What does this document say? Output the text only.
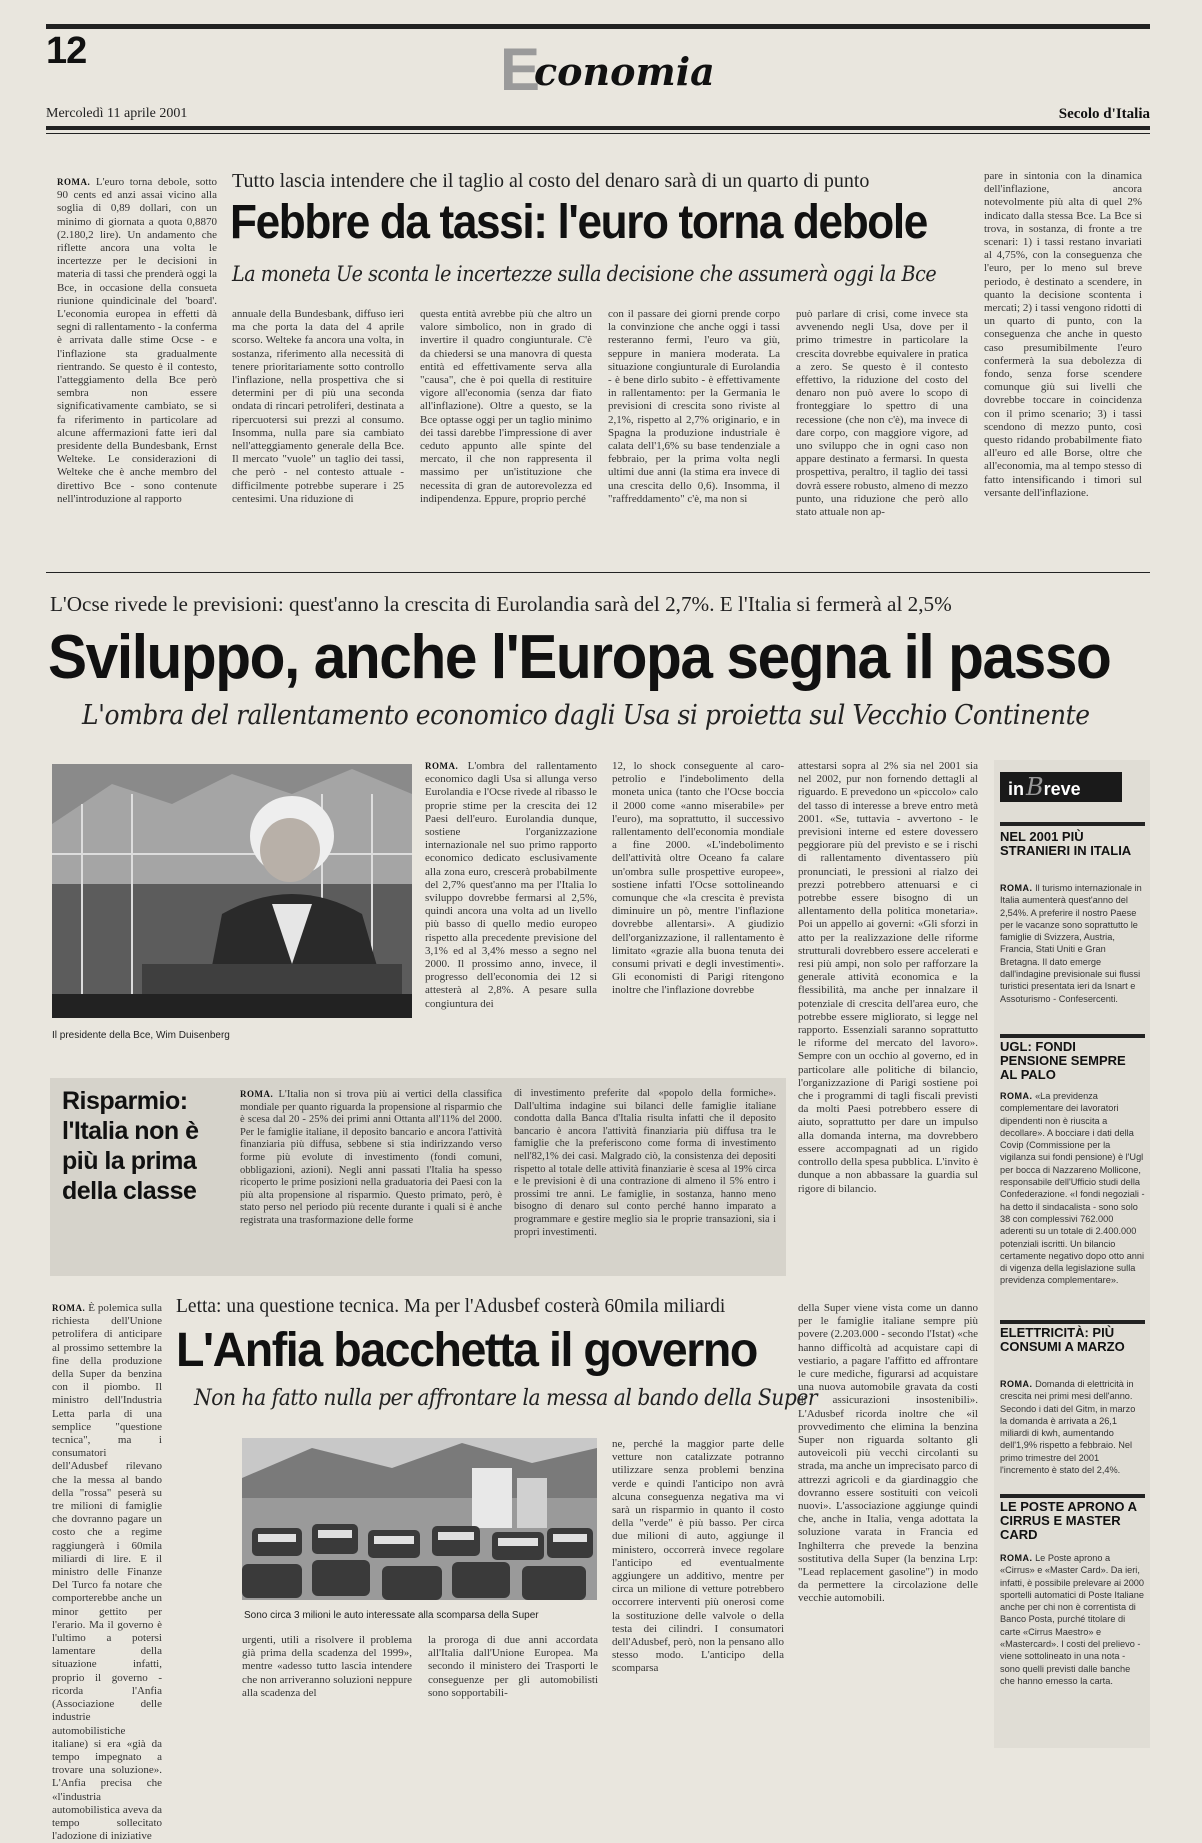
12	Economia
Mercoledì 11 aprile 2001	Secolo d'Italia

ROMA. L'euro torna debole, sotto 90 cents ed anzi assai vicino alla soglia di 0,89 dollari, con un minimo di giornata a quota 0,8870 (2.180,2 lire). Un andamento che riflette ancora una volta le incertezze per le decisioni in materia di tassi che prenderà oggi la Bce, in occasione della consueta riunione quindicinale del 'board'. L'economia europea in effetti dà segni di rallentamento - la conferma è arrivata dalle stime Ocse - e l'inflazione sta gradualmente rientrando. Se questo è il contesto, l'atteggiamento della Bce però sembra non essere significativamente cambiato, se si fa riferimento in particolare ad alcune affermazioni fatte ieri dal presidente della Bundesbank, Ernst Welteke. Le considerazioni di Welteke che è anche membro del direttivo Bce - sono contenute nell'introduzione al rapporto

Tutto lascia intendere che il taglio al costo del denaro sarà di un quarto di punto
Febbre da tassi: l'euro torna debole
La moneta Ue sconta le incertezze sulla decisione che assumerà oggi la Bce
annuale della Bundesbank, diffuso ieri ma che porta la data del 4 aprile scorso. Welteke fa ancora una volta, in sostanza, riferimento alla necessità di tenere prioritariamente sotto controllo l'inflazione, nella prospettiva che si determini per di più una seconda ondata di rincari petroliferi, destinata a ripercuotersi sui prezzi al consumo. Insomma, nulla pare sia cambiato nell'atteggiamento generale della Bce. Il mercato "vuole" un taglio dei tassi, che però - nel contesto attuale - difficilmente potrebbe superare i 25 centesimi. Una riduzione di
questa entità avrebbe più che altro un valore simbolico, non in grado di invertire il quadro congiunturale. C'è da chiedersi se una manovra di questa entità ed effettivamente serva alla "causa", che è poi quella di restituire vigore all'economia (senza dar fiato all'inflazione). Oltre a questo, se la Bce optasse oggi per un taglio minimo dei tassi darebbe l'impressione di aver ceduto appunto alle spinte del mercato, il che non rappresenta il massimo per un'istituzione che necessita di gran de autorevolezza ed indipendenza. Eppure, proprio perché
con il passare dei giorni prende corpo la convinzione che anche oggi i tassi resteranno fermi, l'euro va giù, seppure in maniera moderata. La situazione congiunturale di Eurolandia - è bene dirlo subito - è effettivamente in rallentamento: per la Germania le previsioni di crescita sono riviste al 2,1%, rispetto al 2,7% originario, e in Spagna la produzione industriale è calata dell'1,6% su base tendenziale a febbraio, per la prima volta negli ultimi due anni (la stima era invece di una crescita dello 0,6). Insomma, il "raffreddamento" c'è, ma non si
può parlare di crisi, come invece sta avvenendo negli Usa, dove per il primo trimestre in particolare la crescita dovrebbe equivalere in pratica a zero. Se questo è il contesto effettivo, la riduzione del costo del denaro non può avere lo scopo di fronteggiare lo spettro di una recessione (che non c'è), ma invece di dare corpo, con maggiore vigore, ad uno sviluppo che in ogni caso non appare destinato a fermarsi. In questa prospettiva, peraltro, il taglio dei tassi dovrà essere robusto, almeno di mezzo punto, una riduzione che però allo stato attuale non ap-
pare in sintonia con la dinamica dell'inflazione, ancora notevolmente più alta di quel 2% indicato dalla stessa Bce. La Bce si trova, in sostanza, di fronte a tre scenari: 1) i tassi restano invariati al 4,75%, con la conseguenza che l'euro, per lo meno sul breve periodo, è destinato a scendere, in quanto la decisione scontenta i mercati; 2) i tassi vengono ridotti di un quarto di punto, con la conseguenza che anche in questo caso presumibilmente l'euro confermerà la sua debolezza di fondo, senza forse scendere comunque giù sui livelli che dovrebbe toccare in coincidenza con il primo scenario; 3) i tassi scendono di mezzo punto, così questo ridando probabilmente fiato all'euro ed alle Borse, oltre che all'economia, ma al tempo stesso di fatto intensificando i timori sul versante dell'inflazione.
L'Ocse rivede le previsioni: quest'anno la crescita di Eurolandia sarà del 2,7%. E l'Italia si fermerà al 2,5%
Sviluppo, anche l'Europa segna il passo
L'ombra del rallentamento economico dagli Usa si proietta sul Vecchio Continente
Il presidente della Bce, Wim Duisenberg

ROMA. L'ombra del rallentamento economico dagli Usa si allunga verso Eurolandia e l'Ocse rivede al ribasso le proprie stime per la crescita dei 12 Paesi dell'euro. Eurolandia dunque, sostiene l'organizzazione internazionale nel suo primo rapporto economico dedicato esclusivamente alla zona euro, crescerà probabilmente del 2,7% quest'anno ma per l'Italia lo sviluppo dovrebbe fermarsi al 2,5%, quindi ancora una volta ad un livello più basso di quello medio europeo rispetto alla precedente previsione del 3,1% ed al 3,4% messo a segno nel 2000. Il prossimo anno, invece, il progresso dell'economia dei 12 si attesterà al 2,8%. A pesare sulla congiuntura dei

12, lo shock conseguente al caro-petrolio e l'indebolimento della moneta unica (tanto che l'Ocse boccia il 2000 come «anno miserabile» per l'euro), ma soprattutto, il successivo rallentamento dell'economia mondiale a fine 2000. «L'indebolimento dell'attività oltre Oceano fa calare un'ombra sulle prospettive europee», sostiene infatti l'Ocse sottolineando comunque che «la crescita è prevista diminuire un pò, mentre l'inflazione dovrebbe allentarsi». A giudizio dell'organizzazione, il rallentamento è limitato «grazie alla buona tenuta dei consumi privati e degli investimenti». Gli economisti di Parigi ritengono inoltre che l'inflazione dovrebbe
attestarsi sopra al 2% sia nel 2001 sia nel 2002, pur non fornendo dettagli al riguardo. E prevedono un «piccolo» calo del tasso di interesse a breve entro metà 2001. «Se, tuttavia - avvertono - le previsioni interne ed estere dovessero peggiorare più del previsto e se i rischi di rallentamento diventassero più pronunciati, le pressioni al rialzo dei prezzi potrebbero attenuarsi e ci potrebbe essere bisogno di un allentamento della politica monetaria». Poi un appello ai governi: «Gli sforzi in atto per la realizzazione delle riforme strutturali dovrebbero essere accelerati e resi più ampi, non solo per rafforzare la generale attività economica e la flessibilità, ma anche per innalzare il potenziale di crescita dell'area euro, che potrebbe essere migliorato, si legge nel rapporto. Essenziali saranno soprattutto le riforme del mercato del lavoro». Sempre con un occhio al governo, ed in particolare alle politiche di bilancio, l'organizzazione di Parigi sostiene poi che i programmi di tagli fiscali previsti da molti Paesi potrebbero essere di aiuto, soprattutto per dare un impulso alla domanda interna, ma dovrebbero essere accompagnati ad un rigido controllo della spesa pubblica. L'invito è dunque a non abbassare la guardia sul rigore di bilancio.
Risparmio: l'Italia non è più la prima della classe

ROMA. L'Italia non si trova più ai vertici della classifica mondiale per quanto riguarda la propensione al risparmio che è scesa dal 20 - 25% dei primi anni Ottanta all'11% del 2000. Per le famiglie italiane, il deposito bancario e ancora l'attività finanziaria più diffusa, sebbene si stia indirizzando verso forme più evolute di investimento (fondi comuni, obbligazioni, azioni). Negli anni passati l'Italia ha spesso ricoperto le prime posizioni nella graduatoria dei Paesi con la più alta propensione al risparmio. Questo primato, però, è stato perso nel periodo più recente durante i quali si è anche registrata una trasformazione delle forme

di investimento preferite dal «popolo della formiche». Dall'ultima indagine sui bilanci delle famiglie italiane condotta dalla Banca d'Italia risulta infatti che il deposito bancario è ancora l'attività finanziaria più diffusa tra le famiglie che la preferiscono come forma di investimento nell'82,1% dei casi. Malgrado ciò, la consistenza dei depositi rispetto al totale delle attività finanziarie è scesa al 19% circa e le previsioni è di una contrazione di almeno il 5% entro i prossimi tre anni. Le famiglie, in sostanza, hanno meno bisogno di denaro sul conto perché hanno imparato a programmare e gestire meglio sia le proprie transazioni, sia i propri investimenti.

ROMA. È polemica sulla richiesta dell'Unione petrolifera di anticipare al prossimo settembre la fine della produzione della Super da benzina con il piombo. Il ministro dell'Industria Letta parla di una semplice "questione tecnica", ma i consumatori dell'Adusbef rilevano che la messa al bando della "rossa" peserà su tre milioni di famiglie che dovranno pagare un costo che a regime raggiungerà i 60mila miliardi di lire. E il ministro delle Finanze Del Turco fa notare che comporterebbe anche un minor gettito per l'erario. Ma il governo è l'ultimo a potersi lamentare della situazione infatti, proprio il governo - ricorda l'Anfia (Associazione delle industrie automobilistiche italiane) si era «già da tempo impegnato a trovare una soluzione». L'Anfia precisa che «l'industria automobilistica aveva da tempo sollecitato l'adozione di iniziative

Letta: una questione tecnica. Ma per l'Adusbef costerà 60mila miliardi
L'Anfia bacchetta il governo
Non ha fatto nulla per affrontare la messa al bando della Super
Sono circa 3 milioni le auto interessate alla scomparsa della Super
urgenti, utili a risolvere il problema già prima della scadenza del 1999», mentre «adesso tutto lascia intendere che non arriveranno soluzioni neppure alla scadenza del
la proroga di due anni accordata all'Italia dall'Unione Europea. Ma secondo il ministero dei Trasporti le conseguenze per gli automobilisti sono sopportabili-
ne, perché la maggior parte delle vetture non catalizzate potranno utilizzare senza problemi benzina verde e quindi l'anticipo non avrà alcuna conseguenza negativa ma vi sarà un risparmio in quanto il costo della "verde" è più basso. Per circa due milioni di auto, aggiunge il ministero, occorrerà invece regolare l'anticipo ed eventualmente aggiungere un additivo, mentre per circa un milione di vetture potrebbero occorrere interventi più onerosi come la sostituzione delle valvole o della testa dei cilindri. I consumatori dell'Adusbef, però, non la pensano allo stesso modo. L'anticipo della scomparsa
della Super viene vista come un danno per le famiglie italiane sempre più povere (2.203.000 - secondo l'Istat) «che hanno difficoltà ad acquistare capi di vestiario, a pagare l'affitto ed affrontare le cure mediche, figurarsi ad acquistare una nuova automobile gravata da costi di assicurazioni insostenibili». L'Adusbef ricorda inoltre che «il provvedimento che elimina la benzina Super non riguarda soltanto gli autoveicoli più vecchi circolanti su strada, ma anche un imprecisato parco di attrezzi agricoli e da giardinaggio che dovranno essere sostituiti con veicoli nuovi». L'associazione aggiunge quindi che, anche in Italia, venga adottata la soluzione varata in Francia ed Inghilterra che prevede la benzina sostitutiva della Super (la benzina Lrp: "Lead replacement gasoline") in modo da permettere la circolazione delle vecchie automobili.
inBreve
NEL 2001 PIÙ STRANIERI IN ITALIA
ROMA. Il turismo internazionale in Italia aumenterà quest'anno del 2,54%. A preferire il nostro Paese per le vacanze sono soprattutto le famiglie di Svizzera, Austria, Francia, Stati Uniti e Gran Bretagna. Il dato emerge dall'indagine previsionale sui flussi turistici presentata ieri da Isnart e Assoturismo - Confesercenti.
UGL: FONDI PENSIONE SEMPRE AL PALO
ROMA. «La previdenza complementare dei lavoratori dipendenti non è riuscita a decollare». A bocciare i dati della Covip (Commissione per la vigilanza sui fondi pensione) è l'Ugl per bocca di Nazzareno Mollicone, responsabile dell'Ufficio studi della Confederazione. «I fondi negoziali - ha detto il sindacalista - sono solo 38 con complessivi 762.000 aderenti su un totale di 2.400.000 potenziali iscritti. Un bilancio certamente negativo dopo otto anni di vigenza della legislazione sulla previdenza complementare».
ELETTRICITÀ: PIÙ CONSUMI A MARZO
ROMA. Domanda di elettricità in crescita nei primi mesi dell'anno. Secondo i dati del Gitm, in marzo la domanda è arrivata a 26,1 miliardi di kwh, aumentando dell'1,9% rispetto a febbraio. Nel primo trimestre del 2001 l'incremento è stato del 2,4%.
LE POSTE APRONO A CIRRUS E MASTER CARD
ROMA. Le Poste aprono a «Cirrus» e «Master Card». Da ieri, infatti, è possibile prelevare ai 2000 sportelli automatici di Poste Italiane anche per chi non è correntista di Banco Posta, purché titolare di carte «Cirrus Maestro» e «Mastercard». I costi del prelievo - viene sottolineato in una nota - sono quelli previsti dalle banche che hanno emesso la carta.
